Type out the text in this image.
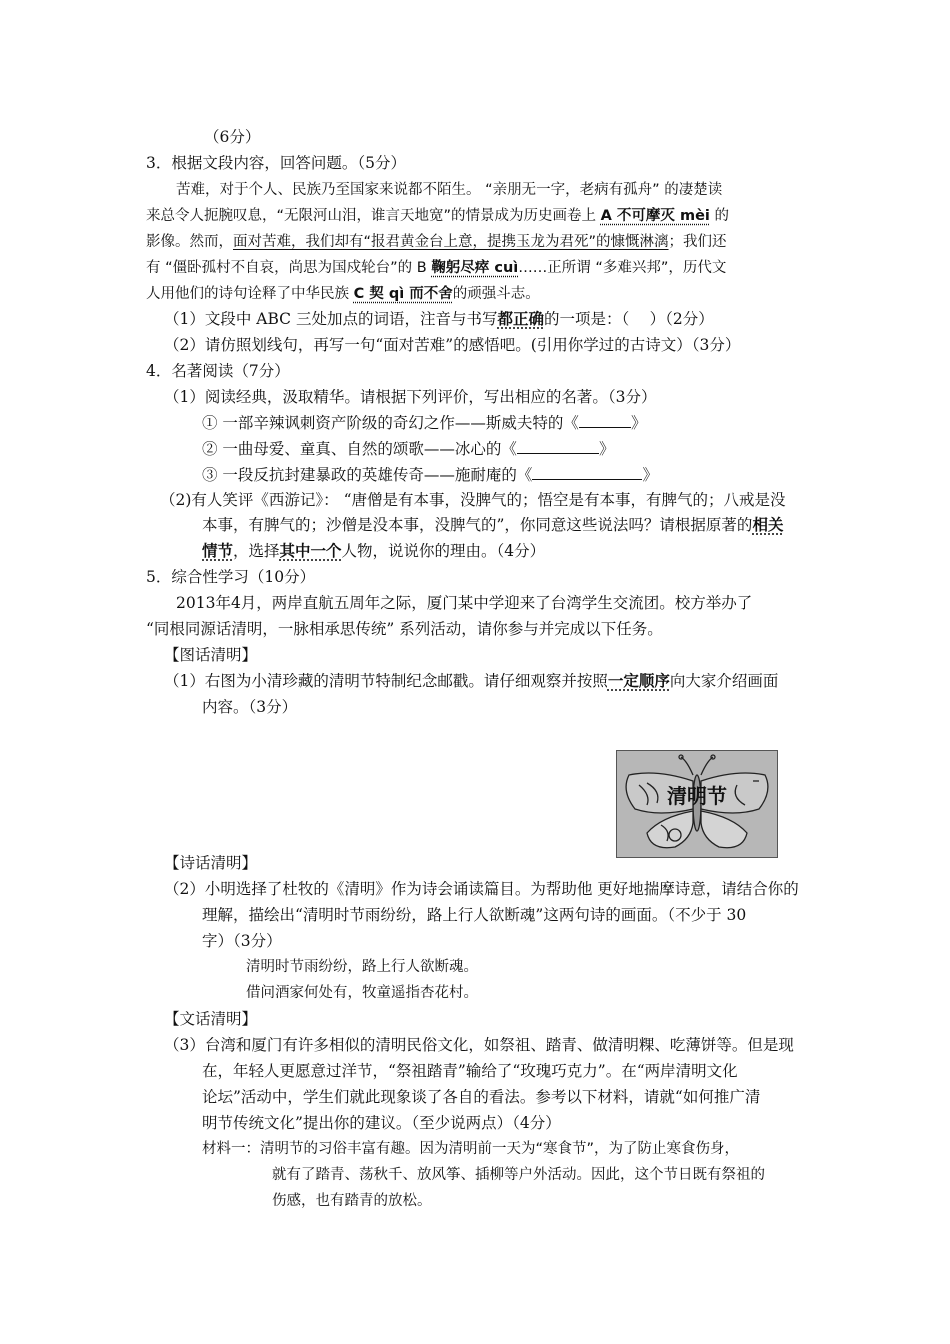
（6分）
3．根据文段内容，回答问题。（5分）
苦难，对于个人、民族乃至国家来说都不陌生。 “亲朋无一字，老病有孤舟” 的凄楚读
来总令人扼腕叹息，“无限河山泪，谁言天地宽”的情景成为历史画卷上 A 不可摩灭 mèi 的
影像。然而，面对苦难，我们却有“报君黄金台上意，提携玉龙为君死”的慷慨淋漓；我们还
有 “僵卧孤村不自哀，尚思为国戍轮台”的 B 鞠躬尽瘁 cuì……正所谓 “多难兴邦”，历代文
人用他们的诗句诠释了中华民族 C 契 qì 而不舍的顽强斗志。
（1）文段中 ABC 三处加点的词语，注音与书写都正确的一项是：（　 ）（2分）
（2）请仿照划线句，再写一句“面对苦难”的感悟吧。(引用你学过的古诗文）（3分）
4．名著阅读（7分）
（1）阅读经典，汲取精华。请根据下列评价，写出相应的名著。（3分）
① 一部辛辣讽刺资产阶级的奇幻之作——斯威夫特的《	》
② 一曲母爱、童真、自然的颂歌——冰心的《	》
③ 一段反抗封建暴政的英雄传奇——施耐庵的《	》
（2)有人笑评《西游记》： “唐僧是有本事，没脾气的；悟空是有本事，有脾气的；八戒是没
本事，有脾气的；沙僧是没本事，没脾气的”，你同意这些说法吗？请根据原著的相关
情节，选择其中一个人物，说说你的理由。（4分）
5．综合性学习（10分）
2013年4月，两岸直航五周年之际，厦门某中学迎来了台湾学生交流团。校方举办了
“同根同源话清明，一脉相承思传统” 系列活动，请你参与并完成以下任务。
【图话清明】
（1）右图为小清珍藏的清明节特制纪念邮戳。请仔细观察并按照一定顺序向大家介绍画面
内容。（3分）
清明节
【诗话清明】
（2）小明选择了杜牧的《清明》作为诗会诵读篇目。为帮助他 更好地揣摩诗意，请结合你的
理解，描绘出“清明时节雨纷纷，路上行人欲断魂”这两句诗的画面。（不少于 30
字）（3分）
清明时节雨纷纷，路上行人欲断魂。
借问酒家何处有，牧童遥指杏花村。
【文话清明】
（3）台湾和厦门有许多相似的清明民俗文化，如祭祖、踏青、做清明粿、吃薄饼等。但是现
在，年轻人更愿意过洋节，“祭祖踏青”输给了“玫瑰巧克力”。在“两岸清明文化
论坛”活动中，学生们就此现象谈了各自的看法。参考以下材料，请就“如何推广清
明节传统文化”提出你的建议。（至少说两点）（4分）
材料一：清明节的习俗丰富有趣。因为清明前一天为“寒食节”，为了防止寒食伤身，
就有了踏青、荡秋千、放风筝、插柳等户外活动。因此，这个节日既有祭祖的
伤感，也有踏青的放松。
